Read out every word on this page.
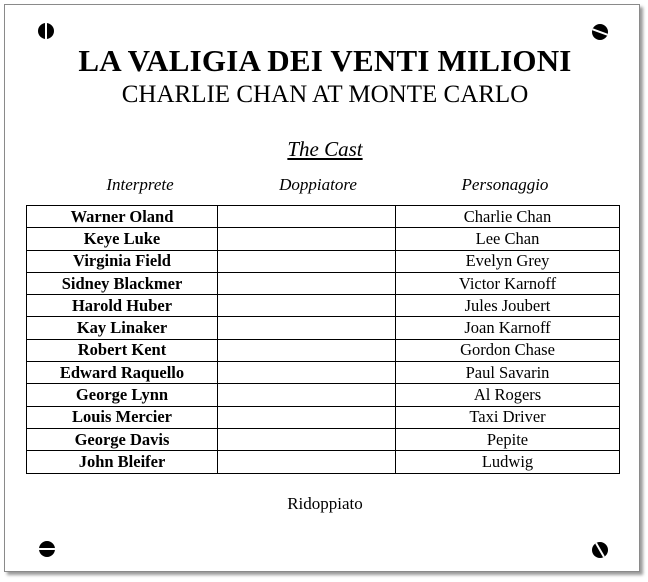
LA VALIGIA DEI VENTI MILIONI
CHARLIE CHAN AT MONTE CARLO
The Cast
Interprete	Doppiatore	Personaggio
Warner Oland		Charlie Chan
Keye Luke		Lee Chan
Virginia Field		Evelyn Grey
Sidney Blackmer		Victor Karnoff
Harold Huber		Jules Joubert
Kay Linaker		Joan Karnoff
Robert Kent		Gordon Chase
Edward Raquello		Paul Savarin
George Lynn		Al Rogers
Louis Mercier		Taxi Driver
George Davis		Pepite
John Bleifer		Ludwig
Ridoppiato
